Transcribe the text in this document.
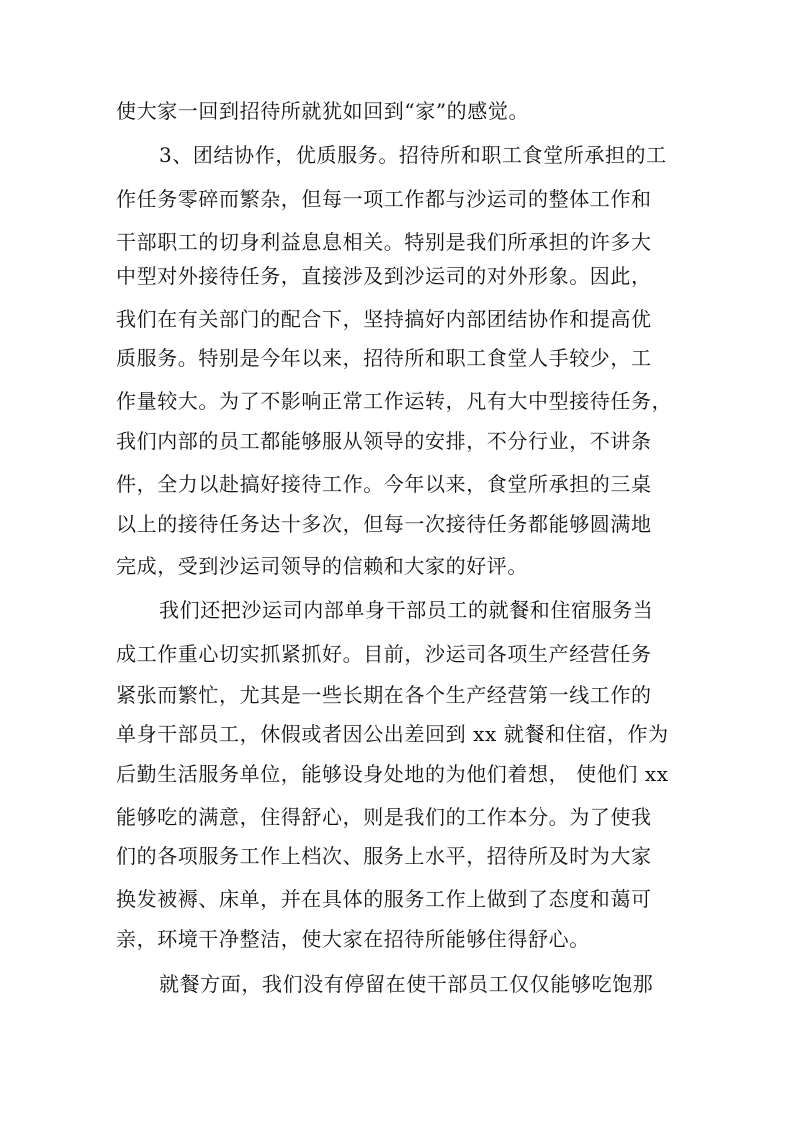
使大家一回到招待所就犹如回到“家”的感觉。
3、团结协作，优质服务。招待所和职工食堂所承担的工
作任务零碎而繁杂，但每一项工作都与沙运司的整体工作和
干部职工的切身利益息息相关。特别是我们所承担的许多大
中型对外接待任务，直接涉及到沙运司的对外形象。因此，
我们在有关部门的配合下，坚持搞好内部团结协作和提高优
质服务。特别是今年以来，招待所和职工食堂人手较少，工
作量较大。为了不影响正常工作运转，凡有大中型接待任务，
我们内部的员工都能够服从领导的安排，不分行业，不讲条
件，全力以赴搞好接待工作。今年以来，食堂所承担的三桌
以上的接待任务达十多次，但每一次接待任务都能够圆满地
完成，受到沙运司领导的信赖和大家的好评。
我们还把沙运司内部单身干部员工的就餐和住宿服务当
成工作重心切实抓紧抓好。目前，沙运司各项生产经营任务
紧张而繁忙，尤其是一些长期在各个生产经营第一线工作的
单身干部员工，休假或者因公出差回到 xx 就餐和住宿，作为
后勤生活服务单位，能够设身处地的为他们着想， 使他们 xx
能够吃的满意，住得舒心，则是我们的工作本分。为了使我
们的各项服务工作上档次、服务上水平，招待所及时为大家
换发被褥、床单，并在具体的服务工作上做到了态度和蔼可
亲，环境干净整洁，使大家在招待所能够住得舒心。
就餐方面，我们没有停留在使干部员工仅仅能够吃饱那
